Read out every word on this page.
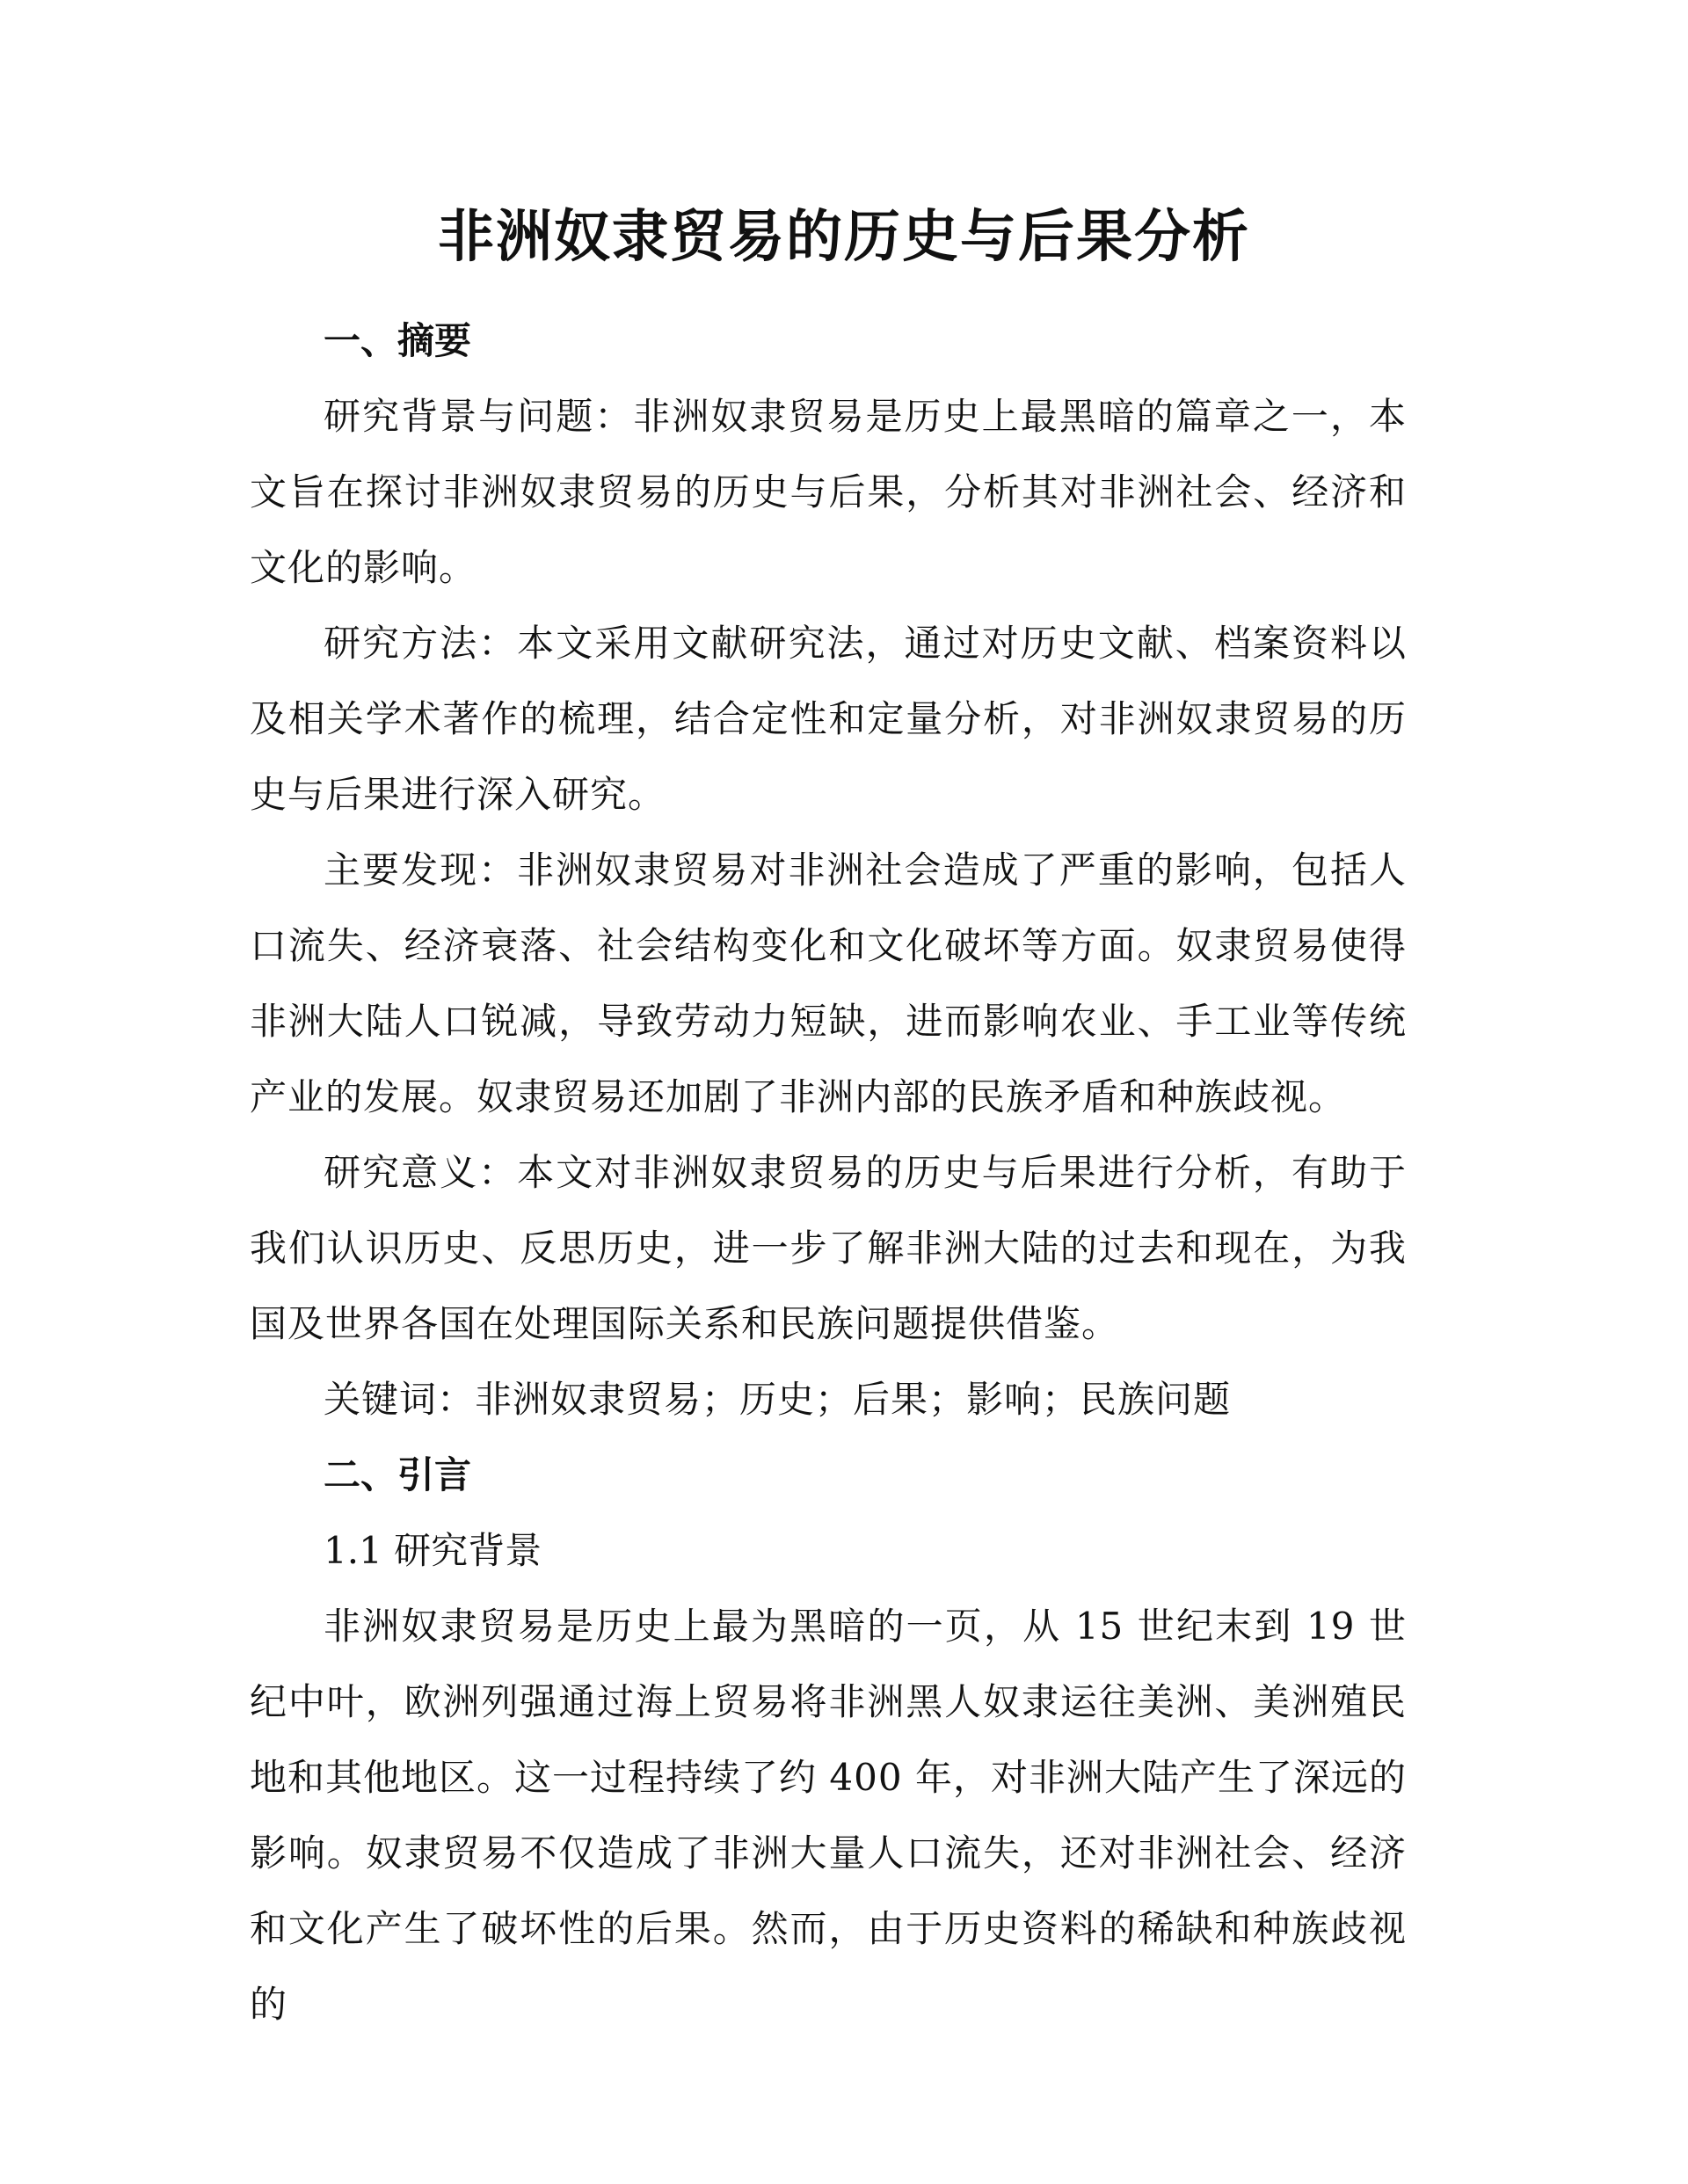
非洲奴隶贸易的历史与后果分析

一、摘要

研究背景与问题：非洲奴隶贸易是历史上最黑暗的篇章之一，本文旨在探讨非洲奴隶贸易的历史与后果，分析其对非洲社会、经济和文化的影响。

研究方法：本文采用文献研究法，通过对历史文献、档案资料以及相关学术著作的梳理，结合定性和定量分析，对非洲奴隶贸易的历史与后果进行深入研究。

主要发现：非洲奴隶贸易对非洲社会造成了严重的影响，包括人口流失、经济衰落、社会结构变化和文化破坏等方面。奴隶贸易使得非洲大陆人口锐减，导致劳动力短缺，进而影响农业、手工业等传统产业的发展。奴隶贸易还加剧了非洲内部的民族矛盾和种族歧视。

研究意义：本文对非洲奴隶贸易的历史与后果进行分析，有助于我们认识历史、反思历史，进一步了解非洲大陆的过去和现在，为我国及世界各国在处理国际关系和民族问题提供借鉴。

关键词：非洲奴隶贸易；历史；后果；影响；民族问题

二、引言

1.1 研究背景

非洲奴隶贸易是历史上最为黑暗的一页，从 15 世纪末到 19 世纪中叶，欧洲列强通过海上贸易将非洲黑人奴隶运往美洲、美洲殖民地和其他地区。这一过程持续了约 400 年，对非洲大陆产生了深远的影响。奴隶贸易不仅造成了非洲大量人口流失，还对非洲社会、经济和文化产生了破坏性的后果。然而，由于历史资料的稀缺和种族歧视的
